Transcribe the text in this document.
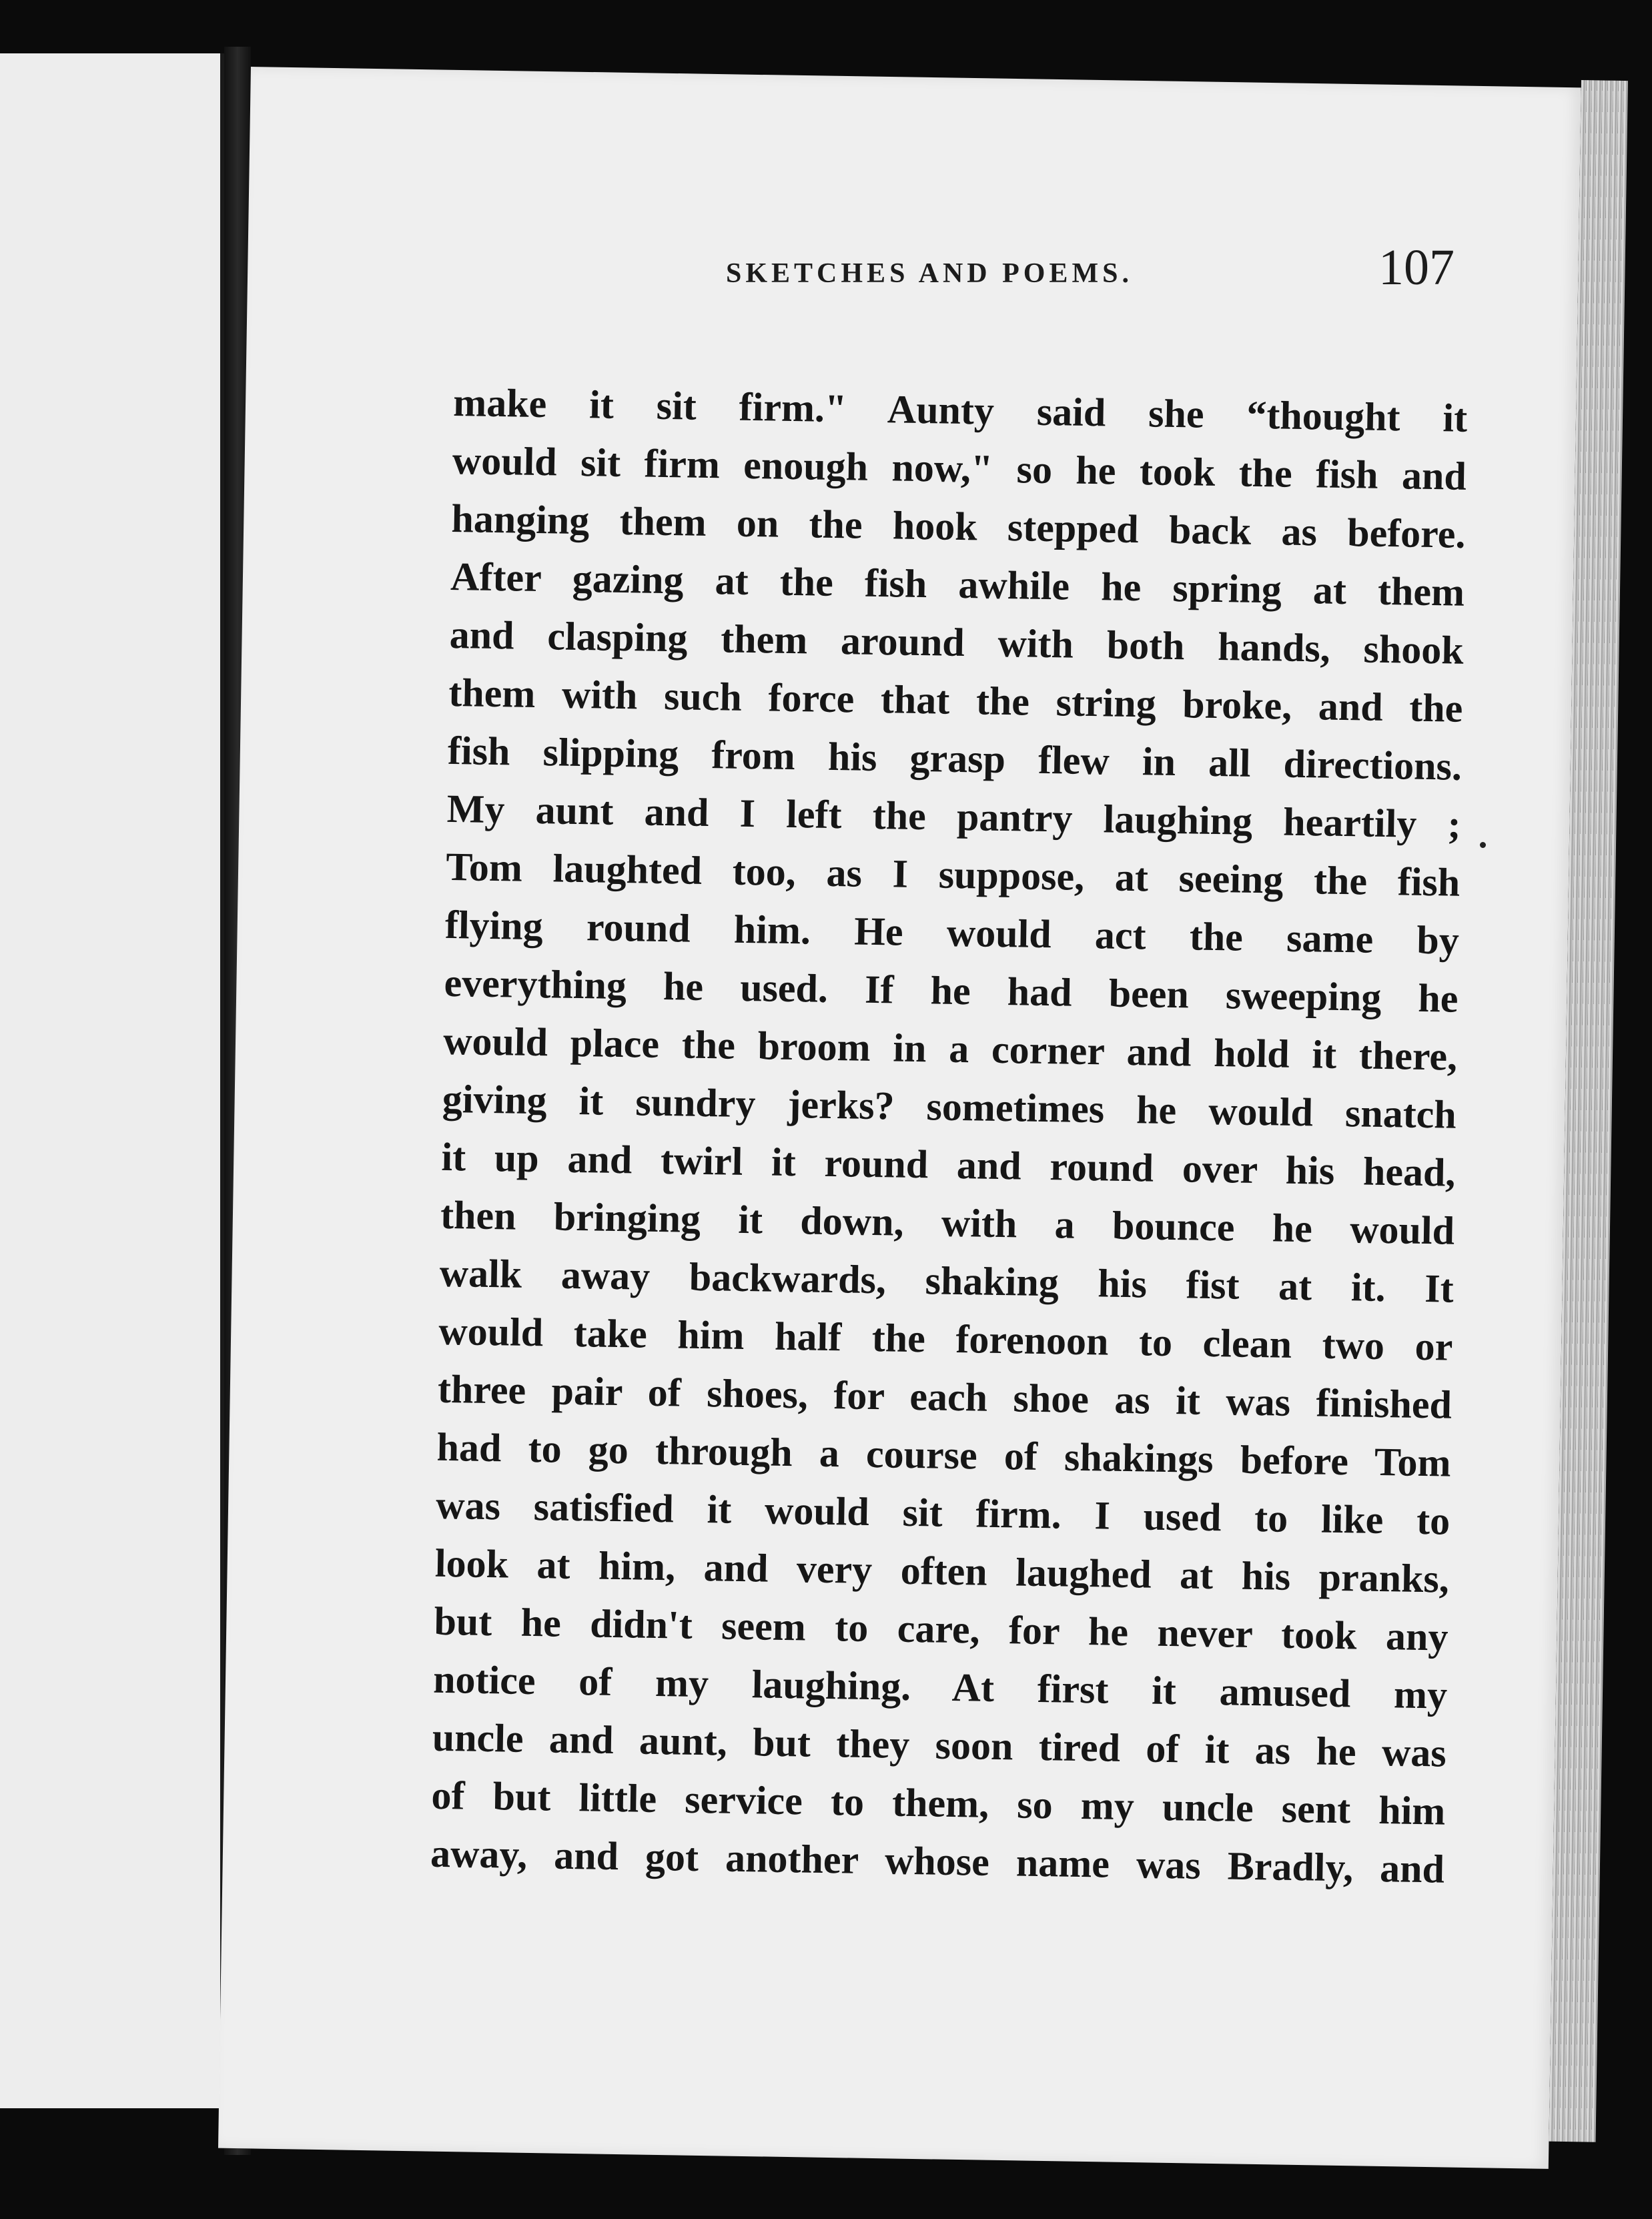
SKETCHES AND POEMS.	107
make it sit firm." Aunty said she “thought it
would sit firm enough now," so he took the fish and
hanging them on the hook stepped back as before.
After gazing at the fish awhile he spring at them
and clasping them around with both hands, shook
them with such force that the string broke, and the
fish slipping from his grasp flew in all directions.
My aunt and I left the pantry laughing heartily ;
Tom laughted too, as I suppose, at seeing the fish
flying round him. He would act the same by
everything he used. If he had been sweeping he
would place the broom in a corner and hold it there,
giving it sundry jerks? sometimes he would snatch
it up and twirl it round and round over his head,
then bringing it down, with a bounce he would
walk away backwards, shaking his fist at it. It
would take him half the forenoon to clean two or
three pair of shoes, for each shoe as it was finished
had to go through a course of shakings before Tom
was satisfied it would sit firm. I used to like to
look at him, and very often laughed at his pranks,
but he didn't seem to care, for he never took any
notice of my laughing. At first it amused my
uncle and aunt, but they soon tired of it as he was
of but little service to them, so my uncle sent him
away, and got another whose name was Bradly, and
